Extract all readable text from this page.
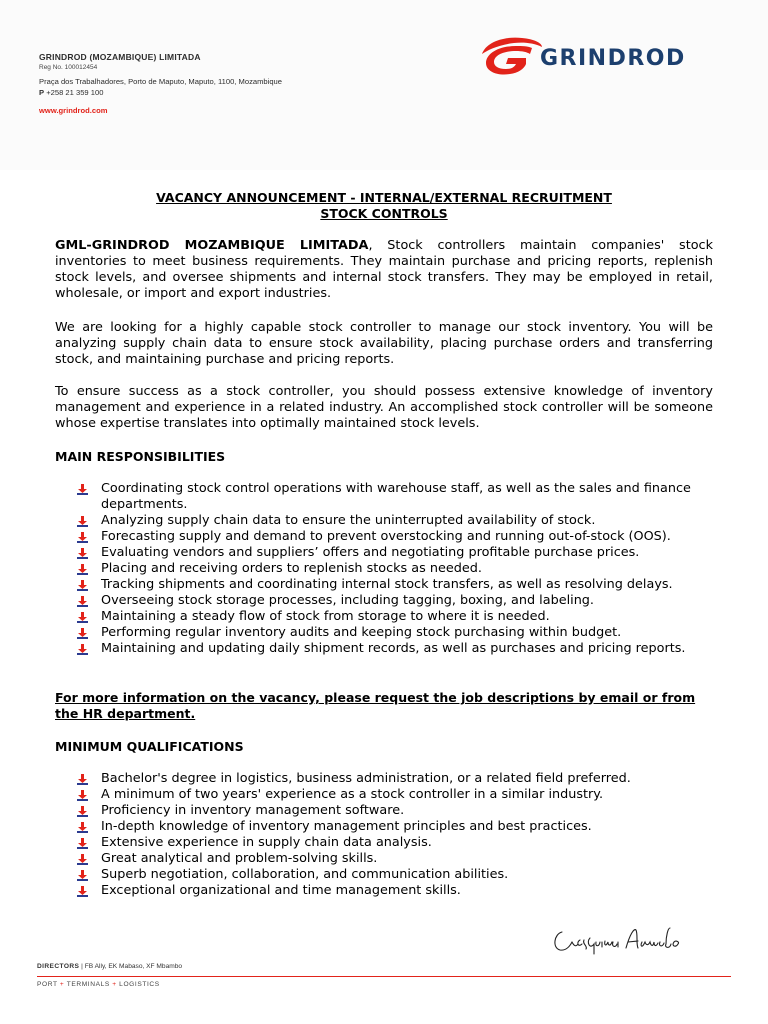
GRINDROD (MOZAMBIQUE) LIMITADA
Reg No. 100012454
Praça dos Trabalhadores, Porto de Maputo, Maputo, 1100, Mozambique
P +258 21 359 100
www.grindrod.com
GRINDROD
VACANCY ANNOUNCEMENT - INTERNAL/EXTERNAL RECRUITMENT
STOCK CONTROLS

GML-GRINDROD MOZAMBIQUE LIMITADA, Stock controllers maintain companies' stock inventories to meet business requirements. They maintain purchase and pricing reports, replenish stock levels, and oversee shipments and internal stock transfers. They may be employed in retail, wholesale, or import and export industries.

We are looking for a highly capable stock controller to manage our stock inventory. You will be analyzing supply chain data to ensure stock availability, placing purchase orders and transferring stock, and maintaining purchase and pricing reports.

To ensure success as a stock controller, you should possess extensive knowledge of inventory management and experience in a related industry. An accomplished stock controller will be someone whose expertise translates into optimally maintained stock levels.

MAIN RESPONSIBILITIES

Coordinating stock control operations with warehouse staff, as well as the sales and finance departments.
Analyzing supply chain data to ensure the uninterrupted availability of stock.
Forecasting supply and demand to prevent overstocking and running out-of-stock (OOS).
Evaluating vendors and suppliers’ offers and negotiating profitable purchase prices.
Placing and receiving orders to replenish stocks as needed.
Tracking shipments and coordinating internal stock transfers, as well as resolving delays.
Overseeing stock storage processes, including tagging, boxing, and labeling.
Maintaining a steady flow of stock from storage to where it is needed.
Performing regular inventory audits and keeping stock purchasing within budget.
Maintaining and updating daily shipment records, as well as purchases and pricing reports.

For more information on the vacancy, please request the job descriptions by email or from the HR department.

MINIMUM QUALIFICATIONS

Bachelor's degree in logistics, business administration, or a related field preferred.
A minimum of two years' experience as a stock controller in a similar industry.
Proficiency in inventory management software.
In-depth knowledge of inventory management principles and best practices.
Extensive experience in supply chain data analysis.
Great analytical and problem-solving skills.
Superb negotiation, collaboration, and communication abilities.
Exceptional organizational and time management skills.
DIRECTORS | FB Ally, EK Mabaso, XF Mbambo
PORT + TERMINALS + LOGISTICS
